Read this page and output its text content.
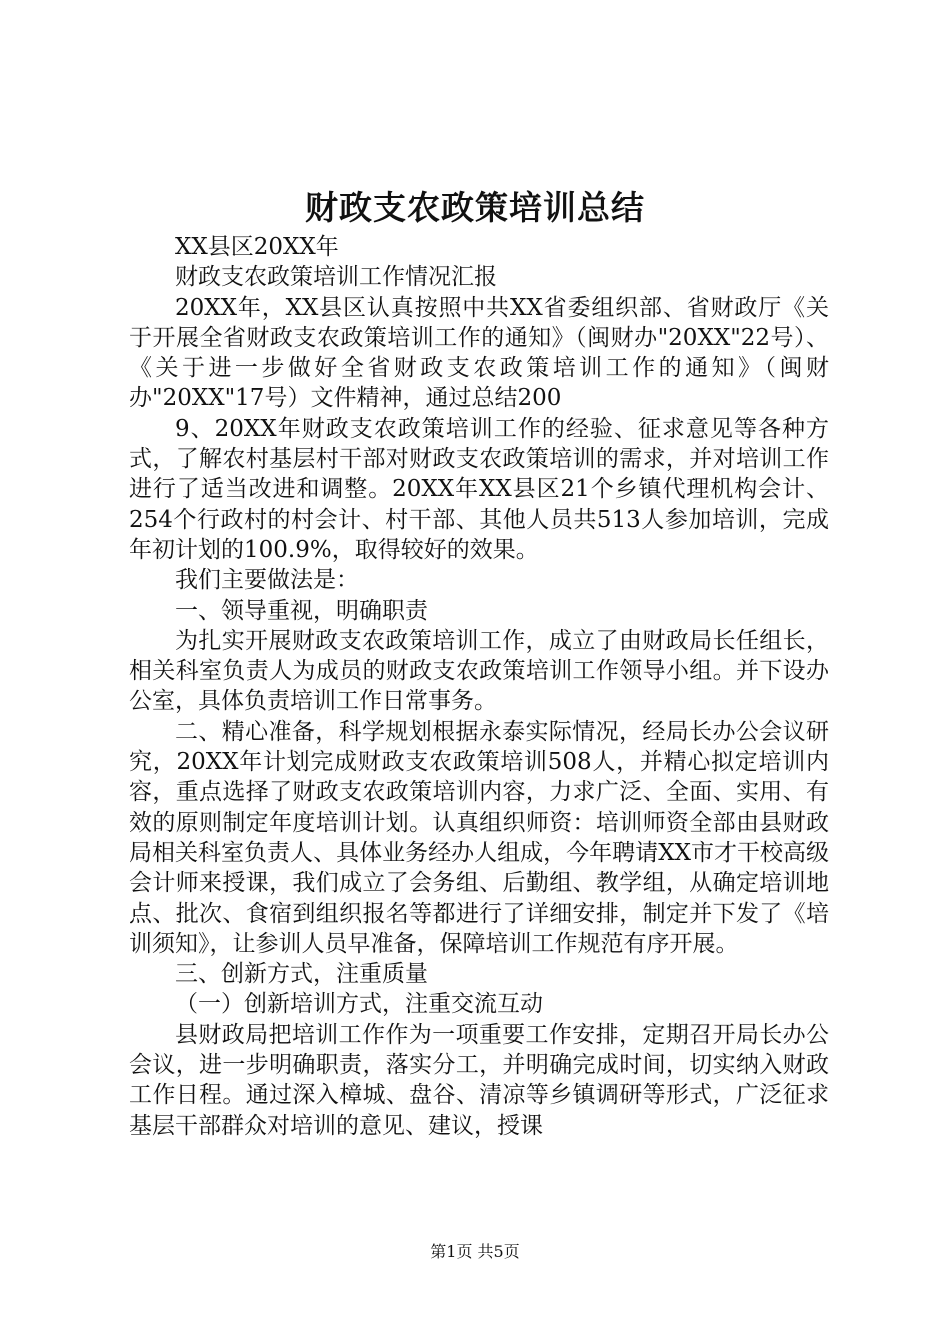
财政支农政策培训总结

XX县区20XX年

财政支农政策培训工作情况汇报

20XX年，XX县区认真按照中共XX省委组织部、省财政厅《关于开展全省财政支农政策培训工作的通知》（闽财办"20XX"22号）、《关于进一步做好全省财政支农政策培训工作的通知》（闽财办"20XX"17号）文件精神，通过总结200

9、20XX年财政支农政策培训工作的经验、征求意见等各种方式，了解农村基层村干部对财政支农政策培训的需求，并对培训工作进行了适当改进和调整。20XX年XX县区21个乡镇代理机构会计、254个行政村的村会计、村干部、其他人员共513人参加培训，完成年初计划的100.9%，取得较好的效果。

我们主要做法是：

一、领导重视，明确职责

为扎实开展财政支农政策培训工作，成立了由财政局长任组长，相关科室负责人为成员的财政支农政策培训工作领导小组。并下设办公室，具体负责培训工作日常事务。

二、精心准备，科学规划根据永泰实际情况，经局长办公会议研究，20XX年计划完成财政支农政策培训508人，并精心拟定培训内容，重点选择了财政支农政策培训内容，力求广泛、全面、实用、有效的原则制定年度培训计划。认真组织师资：培训师资全部由县财政局相关科室负责人、具体业务经办人组成，今年聘请XX市才干校高级会计师来授课，我们成立了会务组、后勤组、教学组，从确定培训地点、批次、食宿到组织报名等都进行了详细安排，制定并下发了《培训须知》，让参训人员早准备，保障培训工作规范有序开展。

三、创新方式，注重质量

（一）创新培训方式，注重交流互动

县财政局把培训工作作为一项重要工作安排，定期召开局长办公会议，进一步明确职责，落实分工，并明确完成时间，切实纳入财政工作日程。通过深入樟城、盘谷、清凉等乡镇调研等形式，广泛征求基层干部群众对培训的意见、建议，授课

第1页 共5页
